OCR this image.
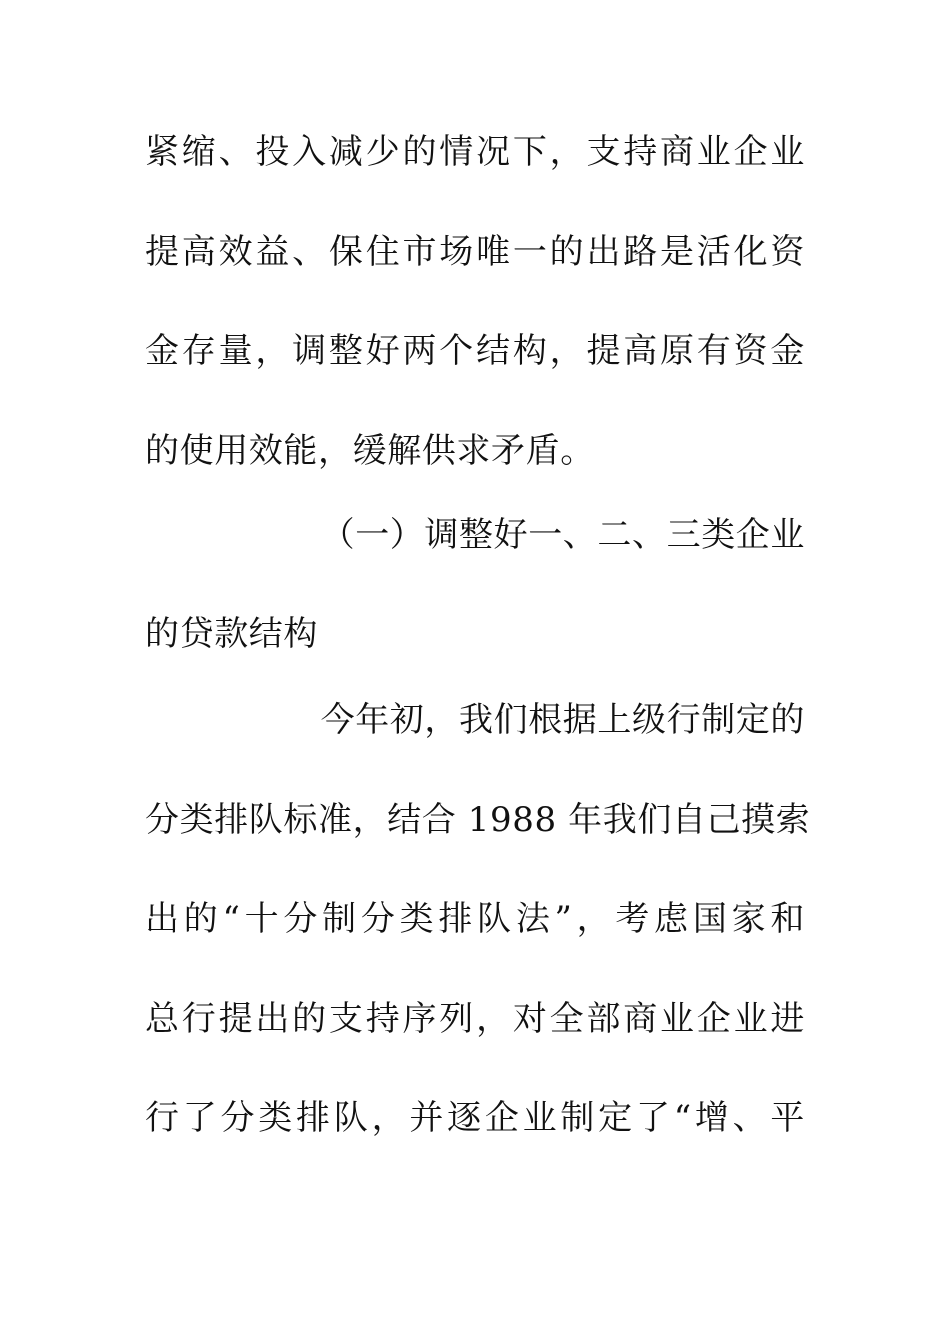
紧缩、投入减少的情况下，支持商业企业
提高效益、保住市场唯一的出路是活化资
金存量，调整好两个结构，提高原有资金
的使用效能，缓解供求矛盾。
（一）调整好一、二、三类企业
的贷款结构
今年初，我们根据上级行制定的
分类排队标准，结合 1988 年我们自己摸索
出的“十分制分类排队法”，考虑国家和
总行提出的支持序列，对全部商业企业进
行了分类排队，并逐企业制定了“增、平
